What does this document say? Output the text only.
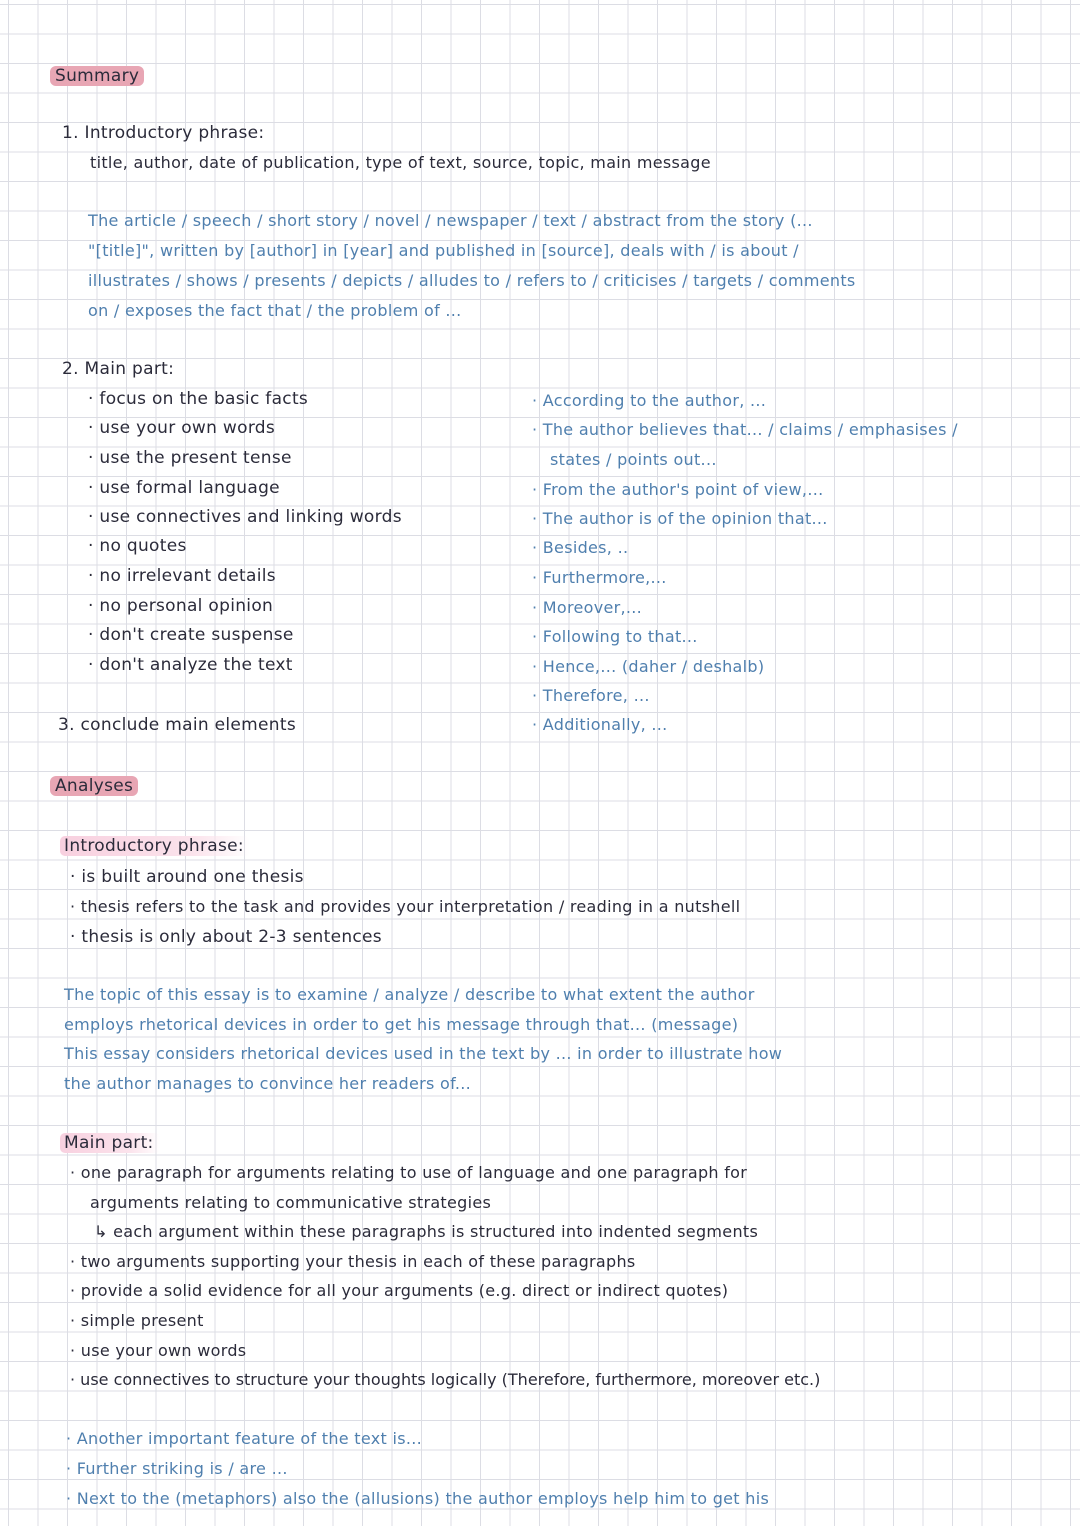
Summary
1. Introductory phrase:
title, author, date of publication, type of text, source, topic, main message
The article / speech / short story / novel / newspaper / text / abstract from the story (...
"[title]", written by [author] in [year] and published in [source], deals with / is about /
illustrates / shows / presents / depicts / alludes to / refers to / criticises / targets / comments
on / exposes the fact that / the problem of ...
2. Main part:
· focus on the basic facts
· use your own words
· use the present tense
· use formal language
· use connectives and linking words
· no quotes
· no irrelevant details
· no personal opinion
· don't create suspense
· don't analyze the text
· According to the author, ...
· The author believes that... / claims / emphasises /
states / points out...
· From the author's point of view,...
· The author is of the opinion that...
· Besides, ..
· Furthermore,...
· Moreover,...
· Following to that...
· Hence,... (daher / deshalb)
· Therefore, ...
· Additionally, ...
3. conclude main elements
Analyses
Introductory phrase:
· is built around one thesis
· thesis refers to the task and provides your interpretation / reading in a nutshell
· thesis is only about 2-3 sentences
The topic of this essay is to examine / analyze / describe to what extent the author
employs rhetorical devices in order to get his message through that... (message)
This essay considers rhetorical devices used in the text by ... in order to illustrate how
the author manages to convince her readers of...
Main part:
· one paragraph for arguments relating to use of language and one paragraph for
arguments relating to communicative strategies
↳ each argument within these paragraphs is structured into indented segments
· two arguments supporting your thesis in each of these paragraphs
· provide a solid evidence for all your arguments (e.g. direct or indirect quotes)
· simple present
· use your own words
· use connectives to structure your thoughts logically (Therefore, furthermore, moreover etc.)
· Another important feature of the text is...
· Further striking is / are ...
· Next to the (metaphors) also the (allusions) the author employs help him to get his
